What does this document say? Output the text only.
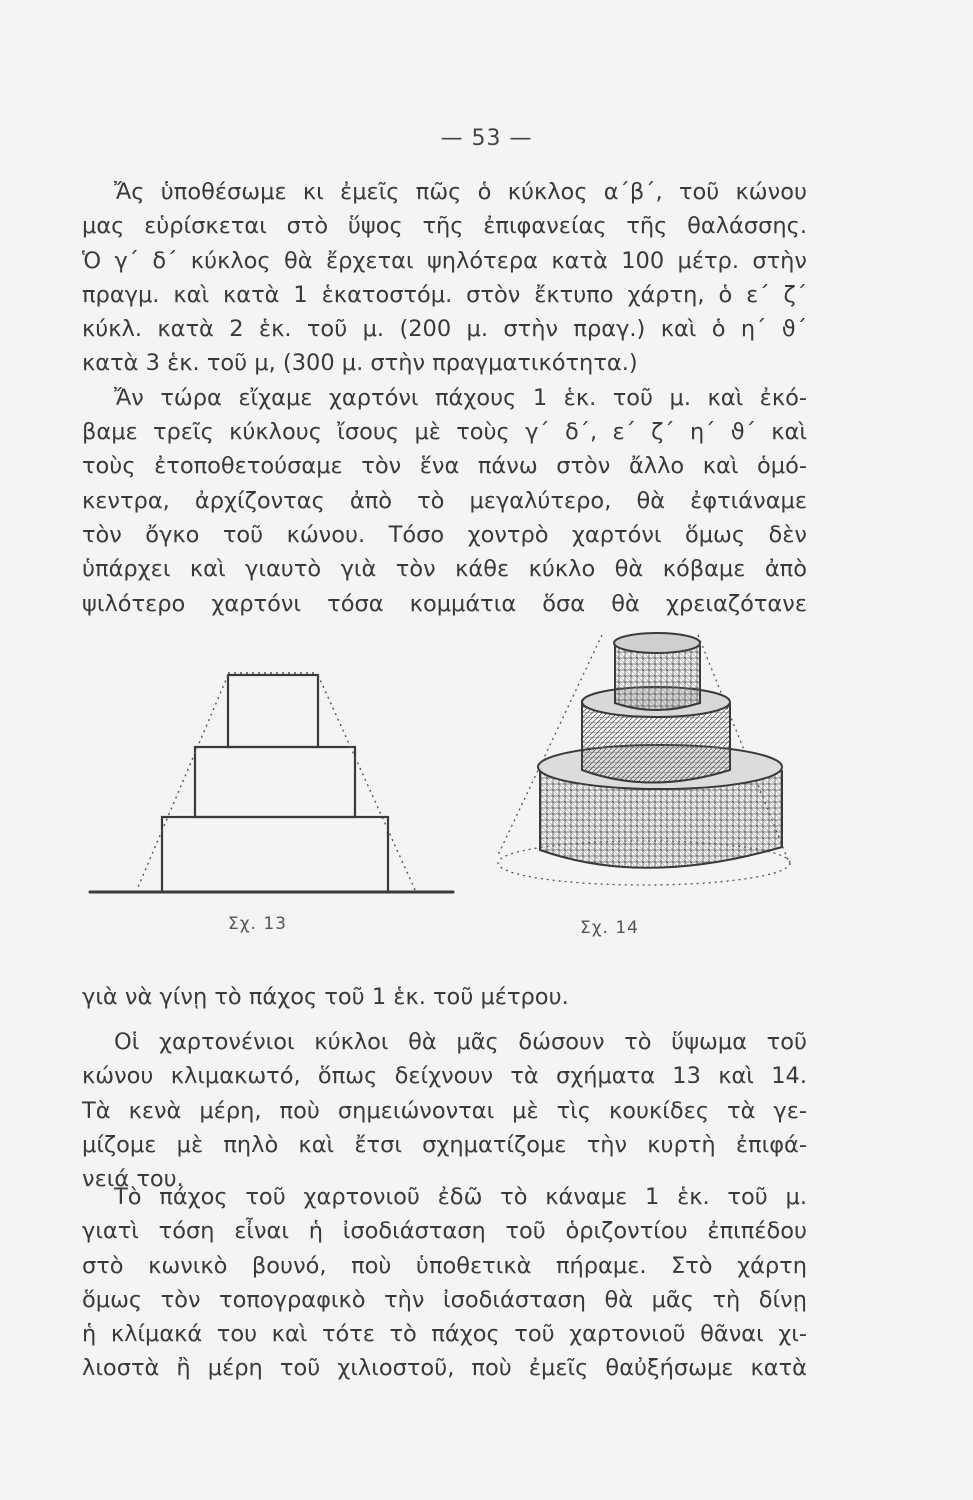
— 53 —
Ἄς ὑποθέσωμε κι ἐμεῖς πῶς ὁ κύκλος α΄β΄, τοῦ κώνου
μας εὑρίσκεται στὸ ὕψος τῆς ἐπιφανείας τῆς θαλάσσης.
Ὁ γ΄ δ΄ κύκλος θὰ ἔρχεται ψηλότερα κατὰ 100 μέτρ. στὴν
πραγμ. καὶ κατὰ 1 ἑκατοστόμ. στὸν ἔκτυπο χάρτη, ὁ ε΄ ζ΄
κύκλ. κατὰ 2 ἑκ. τοῦ μ. (200 μ. στὴν πραγ.) καὶ ὁ η΄ ϑ΄
κατὰ 3 ἑκ. τοῦ μ, (300 μ. στὴν πραγματικότητα.)
Ἄν τώρα εἴχαμε χαρτόνι πάχους 1 ἑκ. τοῦ μ. καὶ ἐκό-
βαμε τρεῖς κύκλους ἴσους μὲ τοὺς γ΄ δ΄, ε΄ ζ΄ η΄ ϑ΄ καὶ
τοὺς ἐτοποθετούσαμε τὸν ἕνα πάνω στὸν ἄλλο καὶ ὁμό-
κεντρα, ἀρχίζοντας ἀπὸ τὸ μεγαλύτερο, θὰ ἐφτιάναμε
τὸν ὄγκο τοῦ κώνου. Τόσο χοντρὸ χαρτόνι ὅμως δὲν
ὑπάρχει καὶ γιαυτὸ γιὰ τὸν κάθε κύκλο θὰ κόβαμε ἀπὸ
ψιλότερο χαρτόνι τόσα κομμάτια ὅσα θὰ χρειαζότανε
Σχ. 13	Σχ. 14
γιὰ νὰ γίνῃ τὸ πάχος τοῦ 1 ἑκ. τοῦ μέτρου.
Οἱ χαρτονένιοι κύκλοι θὰ μᾶς δώσουν τὸ ὕψωμα τοῦ
κώνου κλιμακωτό, ὅπως δείχνουν τὰ σχήματα 13 καὶ 14.
Τὰ κενὰ μέρη, ποὺ σημειώνονται μὲ τὶς κουκίδες τὰ γε-
μίζομε μὲ πηλὸ καὶ ἔτσι σχηματίζομε τὴν κυρτὴ ἐπιφά-
νειά του.
Τὸ πάχος τοῦ χαρτονιοῦ ἐδῶ τὸ κάναμε 1 ἑκ. τοῦ μ.
γιατὶ τόση εἶναι ἡ ἰσοδιάσταση τοῦ ὁριζοντίου ἐπιπέδου
στὸ κωνικὸ βουνό, ποὺ ὑποθετικὰ πήραμε. Στὸ χάρτη
ὅμως τὸν τοπογραφικὸ τὴν ἰσοδιάσταση θὰ μᾶς τὴ δίνῃ
ἡ κλίμακά του καὶ τότε τὸ πάχος τοῦ χαρτονιοῦ θᾶναι χι-
λιοστὰ ἢ μέρη τοῦ χιλιοστοῦ, ποὺ ἐμεῖς θαὐξήσωμε κατὰ
